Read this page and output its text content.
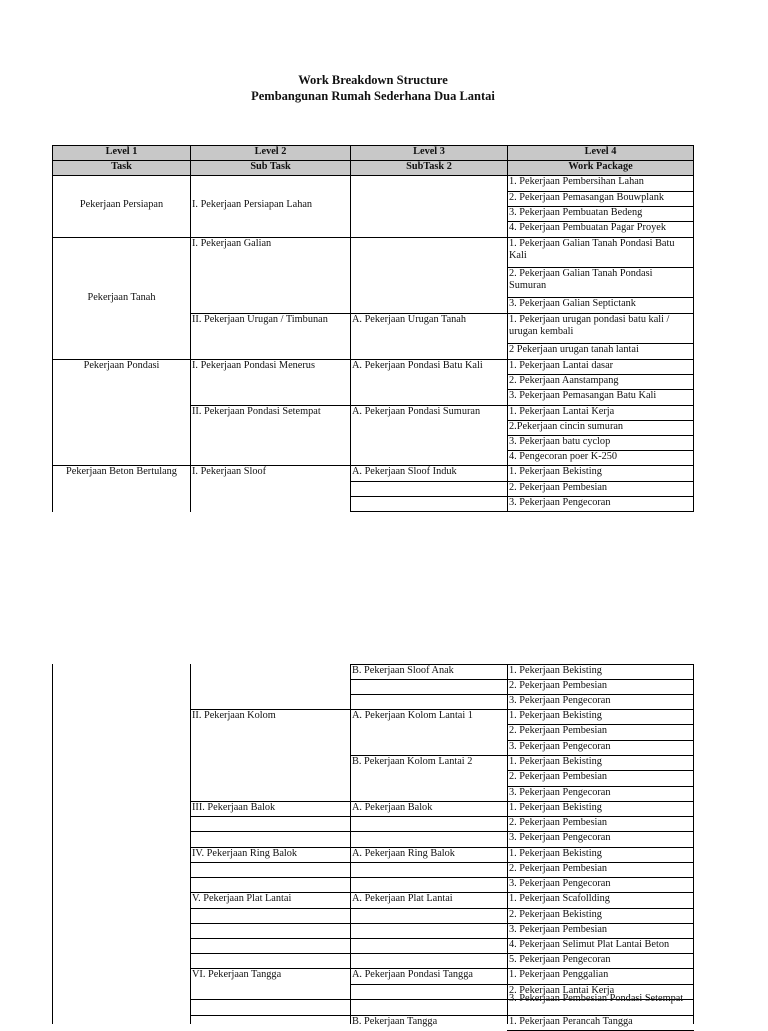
Work Breakdown Structure
Pembangunan Rumah Sederhana Dua Lantai
Level 1
Task
Level 2
Sub Task
Level 3
SubTask 2
Level 4
Work Package
Pekerjaan Persiapan
Pekerjaan Tanah
Pekerjaan Pondasi
Pekerjaan Beton Bertulang
I. Pekerjaan Persiapan Lahan
I. Pekerjaan Galian
II. Pekerjaan Urugan / Timbunan
I. Pekerjaan Pondasi Menerus
II. Pekerjaan Pondasi Setempat
I. Pekerjaan Sloof
A. Pekerjaan Urugan Tanah
A. Pekerjaan Pondasi Batu Kali
A. Pekerjaan Pondasi Sumuran
A. Pekerjaan Sloof Induk
1. Pekerjaan Pembersihan Lahan
2. Pekerjaan Pemasangan Bouwplank
3. Pekerjaan Pembuatan Bedeng
4. Pekerjaan Pembuatan Pagar Proyek
1. Pekerjaan Galian Tanah Pondasi Batu Kali
2. Pekerjaan Galian Tanah Pondasi Sumuran
3. Pekerjaan Galian Septictank
1. Pekerjaan urugan pondasi batu kali / urugan kembali
2 Pekerjaan urugan tanah lantai
1. Pekerjaan Lantai dasar
2. Pekerjaan Aanstampang
3. Pekerjaan Pemasangan Batu Kali
1. Pekerjaan Lantai Kerja
2.Pekerjaan cincin sumuran
3. Pekerjaan batu cyclop
4. Pengecoran poer K-250
1. Pekerjaan Bekisting
2. Pekerjaan Pembesian
3. Pekerjaan Pengecoran
II. Pekerjaan Kolom
III. Pekerjaan Balok
IV. Pekerjaan Ring Balok
V. Pekerjaan Plat Lantai
VI. Pekerjaan Tangga
B. Pekerjaan Sloof Anak
A. Pekerjaan Kolom Lantai 1
B. Pekerjaan Kolom Lantai 2
A. Pekerjaan Balok
A. Pekerjaan Ring Balok
A. Pekerjaan Plat Lantai
A. Pekerjaan Pondasi Tangga
B. Pekerjaan Tangga
1. Pekerjaan Bekisting
2. Pekerjaan Pembesian
3. Pekerjaan Pengecoran
1. Pekerjaan Bekisting
2. Pekerjaan Pembesian
3. Pekerjaan Pengecoran
1. Pekerjaan Bekisting
2. Pekerjaan Pembesian
3. Pekerjaan Pengecoran
1. Pekerjaan Bekisting
2. Pekerjaan Pembesian
3. Pekerjaan Pengecoran
1. Pekerjaan Bekisting
2. Pekerjaan Pembesian
3. Pekerjaan Pengecoran
1. Pekerjaan Scafollding
2. Pekerjaan Bekisting
3. Pekerjaan Pembesian
4. Pekerjaan Selimut Plat Lantai Beton
5. Pekerjaan Pengecoran
1. Pekerjaan Penggalian
2. Pekerjaan Lantai Kerja
3. Pekerjaan Pembesian Pondasi Setempat
1. Pekerjaan Perancah Tangga
